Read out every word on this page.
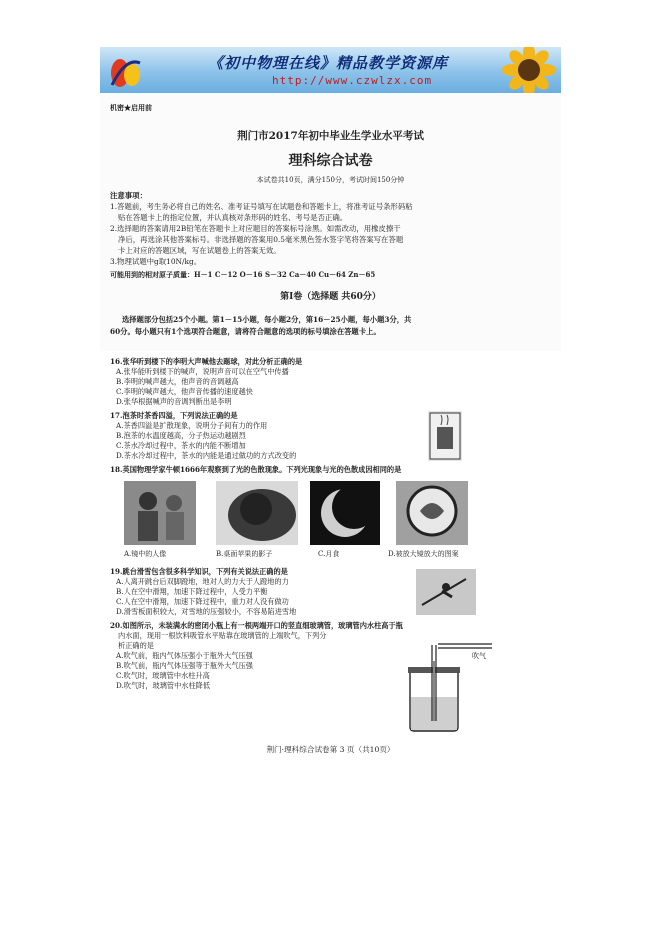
《初中物理在线》精品教学资源库
http://www.czwlzx.com
机密★启用前
荆门市2017年初中毕业生学业水平考试
理科综合试卷
本试卷共10页，满分150分，考试时间150分钟
注意事项：
1.答题前，考生务必将自己的姓名、准考证号填写在试题卷和答题卡上，将准考证号条形码粘
贴在答题卡上的指定位置，并认真核对条形码的姓名、考号是否正确。
2.选择题的答案请用2B铅笔在答题卡上对应题目的答案标号涂黑。如需改动，用橡皮擦干
净后，再选涂其他答案标号。非选择题的答案用0.5毫米黑色签水签字笔将答案写在答题
卡上对应的答题区域，写在试题卷上的答案无效。
3.物理试题中g取10N/kg。
可能用到的相对原子质量：H－1 C－12 O－16 S－32 Ca－40 Cu－64 Zn－65
第Ⅰ卷（选择题 共60分）
选择题部分包括25个小题。第1－15小题，每小题2分，第16－25小题，每小题3分，共
60分。每小题只有1个选项符合题意，请将符合题意的选项的标号填涂在答题卡上。
16.张华听到楼下的李明大声喊他去踢球，对此分析正确的是
A.张华能听到楼下的喊声，说明声音可以在空气中传播
B.李明的喊声越大，他声音的音调越高
C.李明的喊声越大，他声音传播的速度越快
D.张华根据喊声的音调判断出是李明
17.泡茶时茶香四溢，下列说法正确的是
A.茶香四溢是扩散现象，说明分子间有力的作用
B.泡茶的水温度越高，分子热运动越剧烈
C.茶水冷却过程中，茶水的内能不断增加
D.茶水冷却过程中，茶水的内能是通过做功的方式改变的
18.英国物理学家牛顿1666年观察到了光的色散现象。下列光现象与光的色散成因相同的是
A.镜中的人像	B.桌面苹果的影子	C.月食	D.被放大镜放大的图案
19.跳台滑雪包含很多科学知识，下列有关说法正确的是
A.人离开跳台后双脚蹬地，地对人的力大于人蹬地的力
B.人在空中滑翔，加速下降过程中，人受力平衡
C.人在空中滑翔，加速下降过程中，重力对人没有做功
D.滑雪板面积较大，对雪地的压强较小，不容易陷进雪地
20.如图所示，未装满水的密闭小瓶上有一根两端开口的竖直细玻璃管，玻璃管内水柱高于瓶
内水面，现用一根饮料吸管水平贴靠在玻璃管的上端吹气，下列分
析正确的是
A.吹气前，瓶内气体压强小于瓶外大气压强
B.吹气前，瓶内气体压强等于瓶外大气压强
C.吹气时，玻璃管中水柱升高
D.吹气时，玻璃管中水柱降低
吹气
荆门·理科综合试卷第 3 页（共10页）
